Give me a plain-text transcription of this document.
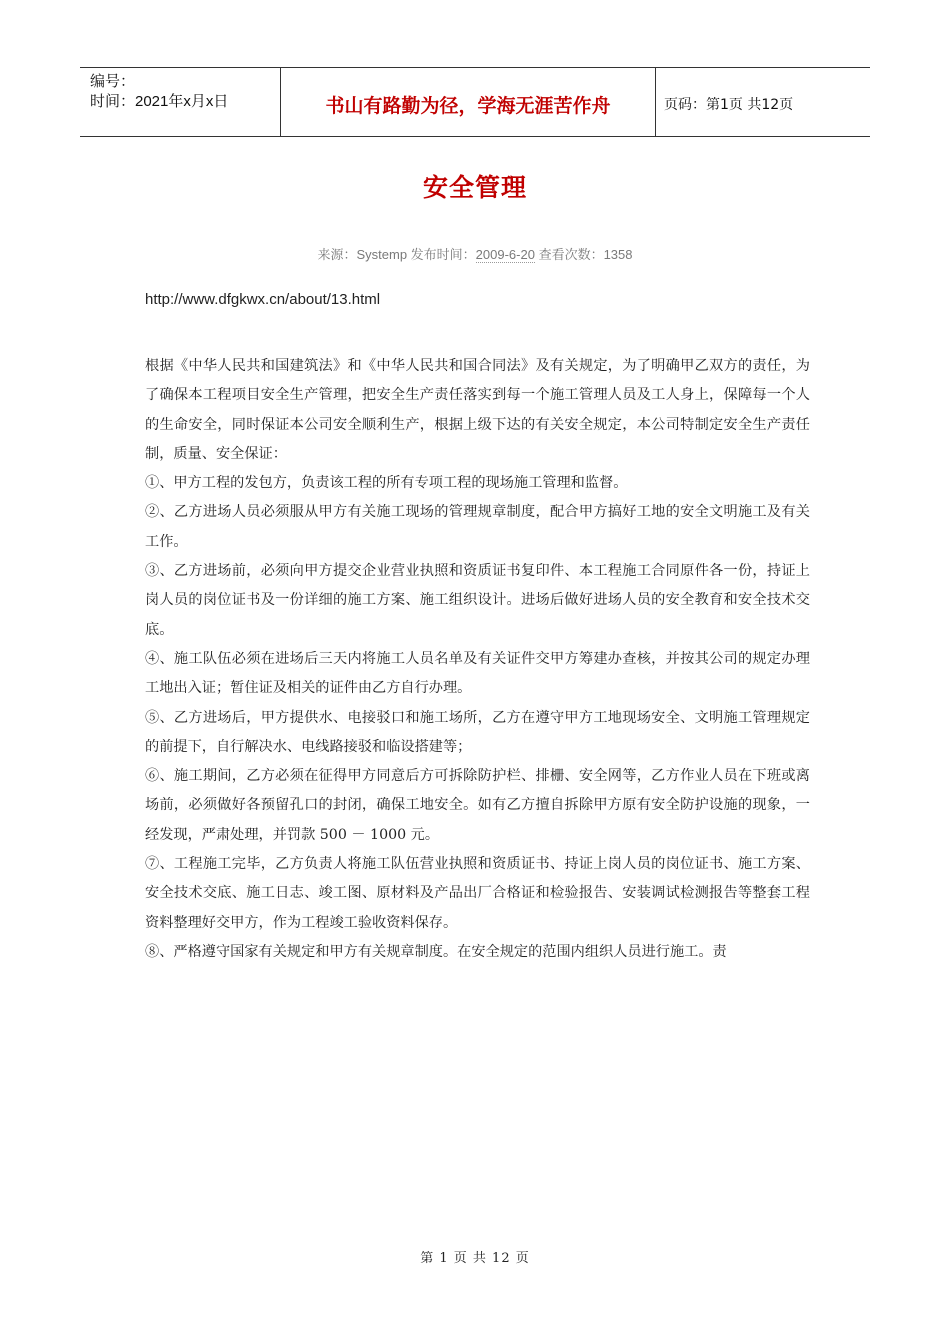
编号：
时间：2021年x月x日	书山有路勤为径，学海无涯苦作舟	页码：第1页 共12页
安全管理
来源：Systemp 发布时间：2009-6-20 查看次数：1358
http://www.dfgkwx.cn/about/13.html

根据《中华人民共和国建筑法》和《中华人民共和国合同法》及有关规定，为了明确甲乙双方的责任，为了确保本工程项目安全生产管理，把安全生产责任落实到每一个施工管理人员及工人身上，保障每一个人的生命安全，同时保证本公司安全顺利生产，根据上级下达的有关安全规定，本公司特制定安全生产责任制，质量、安全保证：

①、甲方工程的发包方，负责该工程的所有专项工程的现场施工管理和监督。

②、乙方进场人员必须服从甲方有关施工现场的管理规章制度，配合甲方搞好工地的安全文明施工及有关工作。

③、乙方进场前，必须向甲方提交企业营业执照和资质证书复印件、本工程施工合同原件各一份，持证上岗人员的岗位证书及一份详细的施工方案、施工组织设计。进场后做好进场人员的安全教育和安全技术交底。

④、施工队伍必须在进场后三天内将施工人员名单及有关证件交甲方筹建办查核，并按其公司的规定办理工地出入证；暂住证及相关的证件由乙方自行办理。

⑤、乙方进场后，甲方提供水、电接驳口和施工场所，乙方在遵守甲方工地现场安全、文明施工管理规定的前提下，自行解决水、电线路接驳和临设搭建等；

⑥、施工期间，乙方必须在征得甲方同意后方可拆除防护栏、排栅、安全网等，乙方作业人员在下班或离场前，必须做好各预留孔口的封闭，确保工地安全。如有乙方擅自拆除甲方原有安全防护设施的现象，一经发现，严肃处理，并罚款 500 － 1000 元。

⑦、工程施工完毕，乙方负责人将施工队伍营业执照和资质证书、持证上岗人员的岗位证书、施工方案、安全技术交底、施工日志、竣工图、原材料及产品出厂合格证和检验报告、安装调试检测报告等整套工程资料整理好交甲方，作为工程竣工验收资料保存。

⑧、严格遵守国家有关规定和甲方有关规章制度。在安全规定的范围内组织人员进行施工。责

第 1 页 共 12 页
